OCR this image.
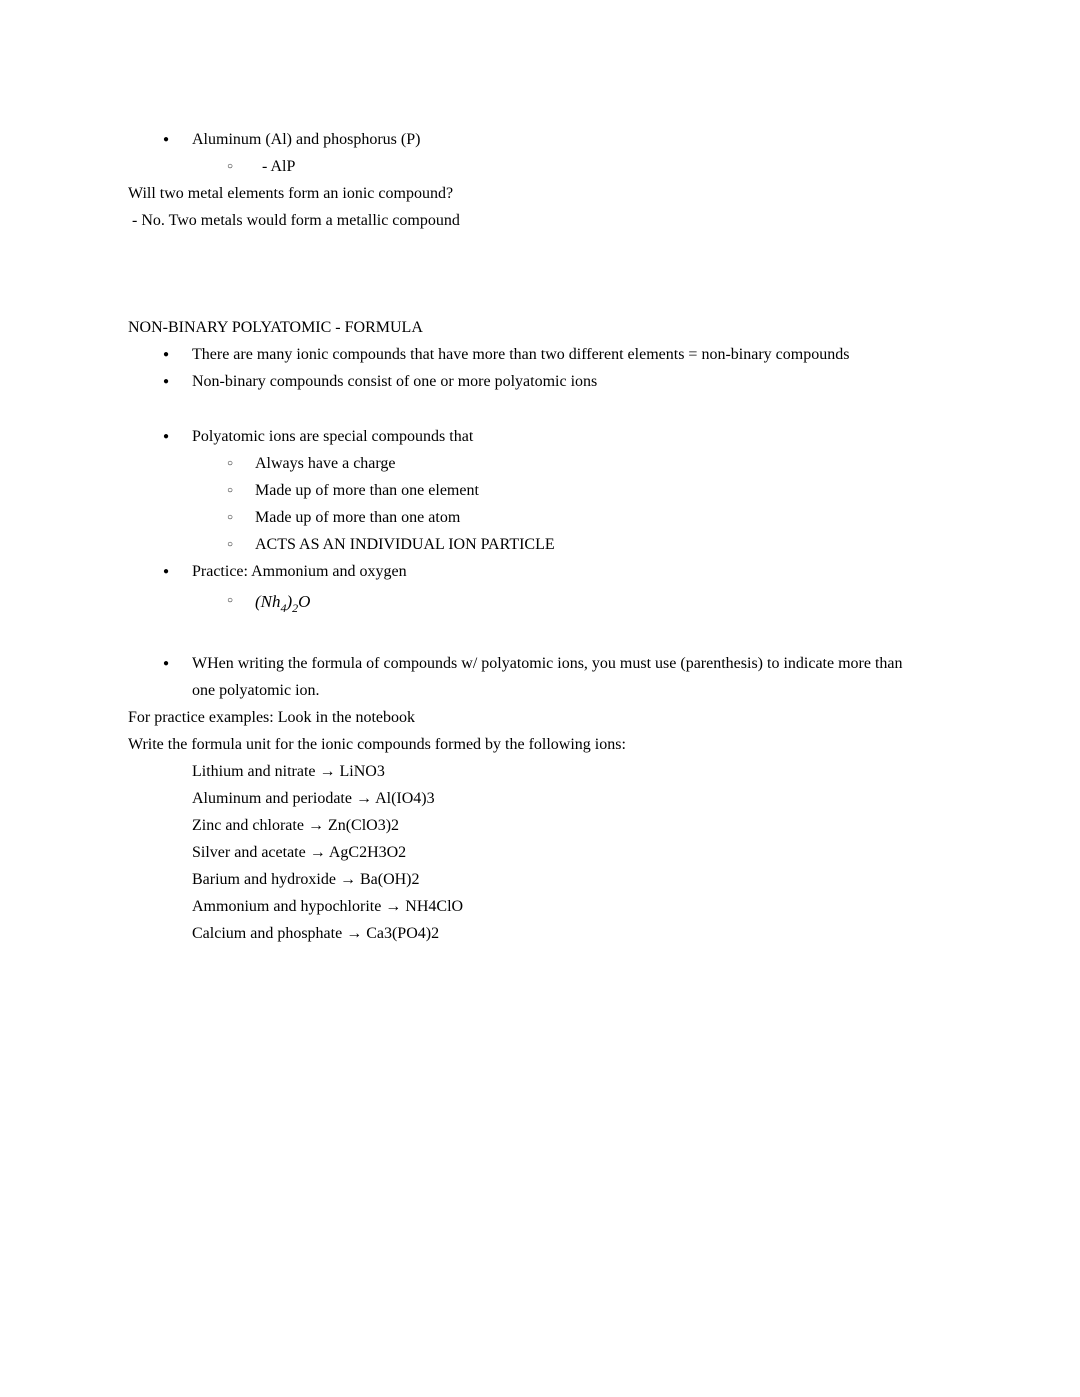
●	Aluminum (Al) and phosphorus (P)
○	- AlP

Will two metal elements form an ionic compound?

- No. Two metals would form a metallic compound

NON-BINARY POLYATOMIC - FORMULA

●	There are many ionic compounds that have more than two different elements = non-binary compounds
●	Non-binary compounds consist of one or more polyatomic ions
●	Polyatomic ions are special compounds that
○	Always have a charge
○	Made up of more than one element
○	Made up of more than one atom
○	ACTS AS AN INDIVIDUAL ION PARTICLE
●	Practice: Ammonium and oxygen
○	$(Nh_4)_2O$
●	WHen writing the formula of compounds w/ polyatomic ions, you must use (parenthesis) to indicate more than one polyatomic ion.

For practice examples: Look in the notebook

Write the formula unit for the ionic compounds formed by the following ions:

Lithium and nitrate → LiNO3

Aluminum and periodate → Al(IO4)3

Zinc and chlorate → Zn(ClO3)2

Silver and acetate → AgC2H3O2

Barium and hydroxide → Ba(OH)2

Ammonium and hypochlorite → NH4ClO

Calcium and phosphate → Ca3(PO4)2
